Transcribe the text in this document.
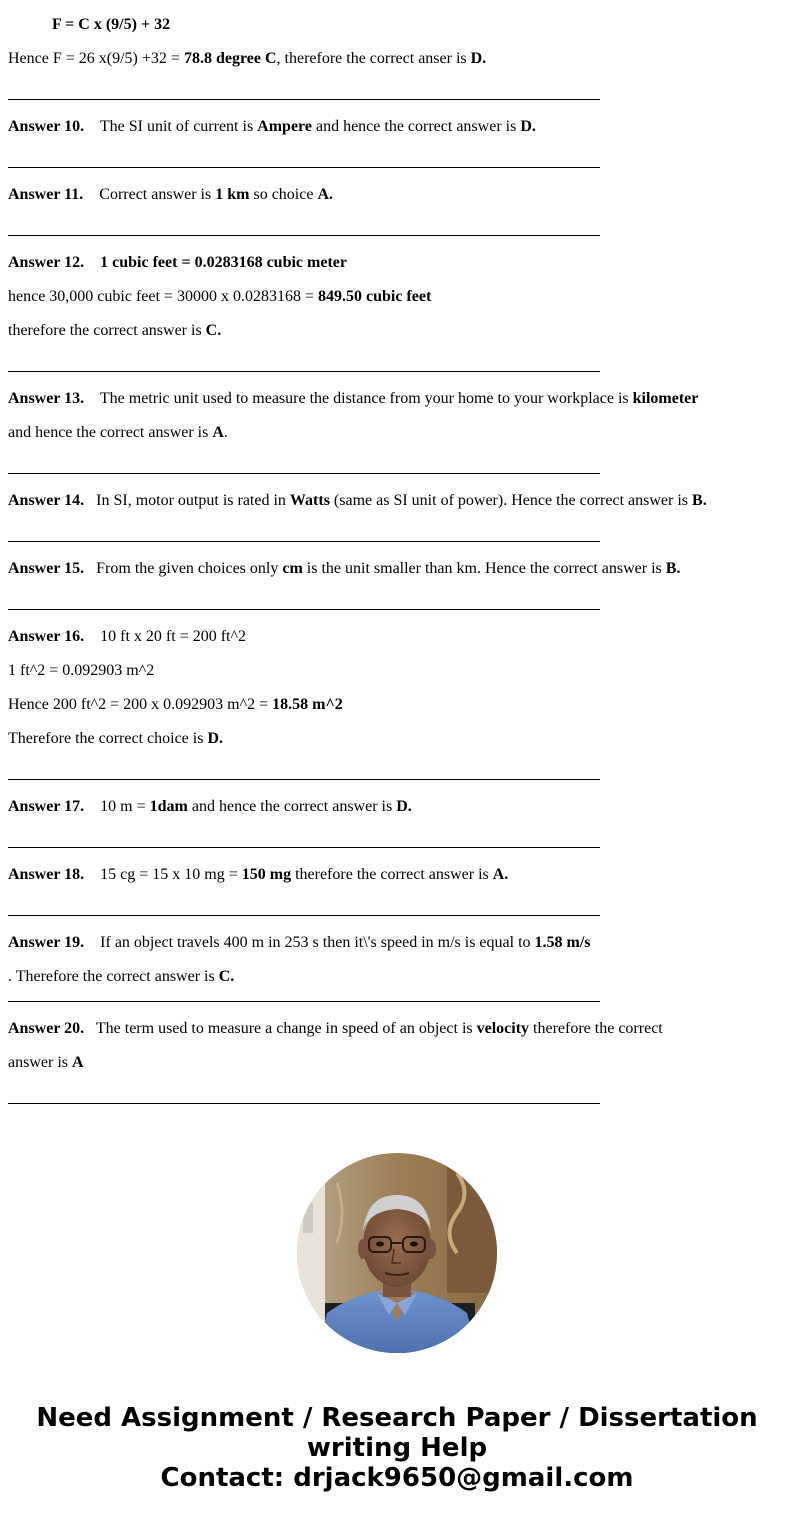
F = C x (9/5) + 32
Hence F = 26 x(9/5) +32 = 78.8 degree C, therefore the correct anser is D.
Answer 10. The SI unit of current is Ampere and hence the correct answer is D.
Answer 11. Correct answer is 1 km so choice A.
Answer 12. 1 cubic feet = 0.0283168 cubic meter
hence 30,000 cubic feet = 30000 x 0.0283168 = 849.50 cubic feet
therefore the correct answer is C.
Answer 13. The metric unit used to measure the distance from your home to your workplace is kilometer
and hence the correct answer is A.
Answer 14. In SI, motor output is rated in Watts (same as SI unit of power). Hence the correct answer is B.
Answer 15. From the given choices only cm is the unit smaller than km. Hence the correct answer is B.
Answer 16. 10 ft x 20 ft = 200 ft^2
1 ft^2 = 0.092903 m^2
Hence 200 ft^2 = 200 x 0.092903 m^2 = 18.58 m^2
Therefore the correct choice is D.
Answer 17. 10 m = 1dam and hence the correct answer is D.
Answer 18. 15 cg = 15 x 10 mg = 150 mg therefore the correct answer is A.
Answer 19. If an object travels 400 m in 253 s then it\'s speed in m/s is equal to 1.58 m/s
. Therefore the correct answer is C.
Answer 20. The term used to measure a change in speed of an object is velocity therefore the correct
answer is A
Need Assignment / Research Paper / Dissertation
writing Help
Contact: drjack9650@gmail.com
